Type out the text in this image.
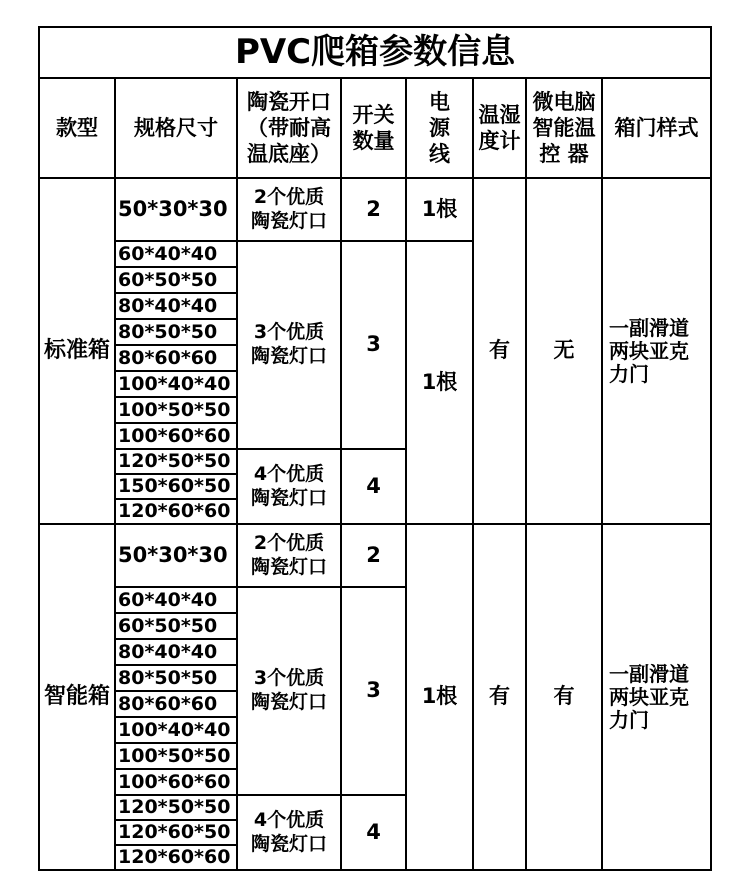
PVC爬箱参数信息							
款型	规格尺寸	陶瓷开口
（带耐高
温底座）	开关
数量	电
源
线	温湿
度计	微电脑
智能温
控 器	箱门样式
标准箱	50*30*30	2个优质
陶瓷灯口	2	1根	有	无	一副滑道
两块亚克
力门

	60*40*40	3个优质
陶瓷灯口	3	1根			
	60*50*50						
	80*40*40						
	80*50*50						
	80*60*60						
	100*40*40						
	100*50*50						
	100*60*60						
	120*50*50	4个优质
陶瓷灯口	4				
	150*60*50						
	120*60*60						
智能箱	50*30*30	2个优质
陶瓷灯口	2	1根	有	有	一副滑道
两块亚克
力门

	60*40*40	3个优质
陶瓷灯口	3				
	60*50*50						
	80*40*40						
	80*50*50						
	80*60*60						
	100*40*40						
	100*50*50						
	100*60*60						
	120*50*50	4个优质
陶瓷灯口	4				
	120*60*50						
	120*60*60						
